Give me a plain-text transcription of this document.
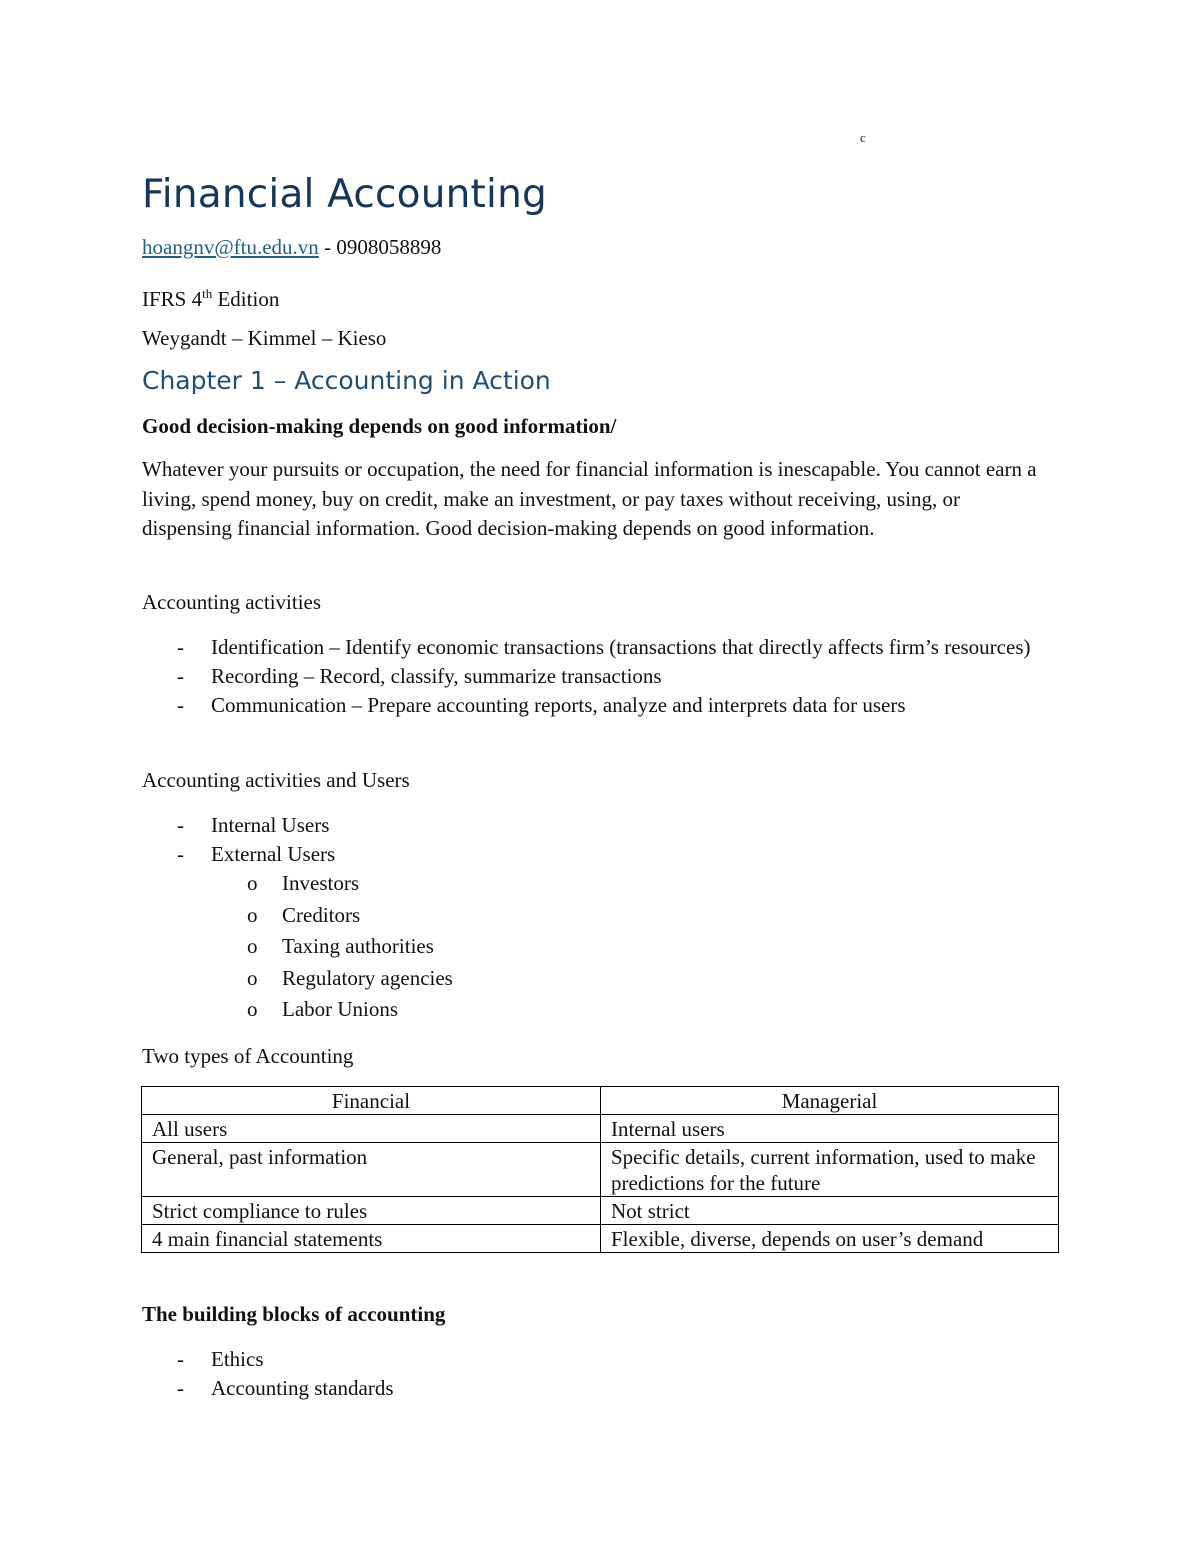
c
Financial Accounting
hoangnv@ftu.edu.vn - 0908058898
IFRS 4th Edition
Weygandt – Kimmel – Kieso
Chapter 1 – Accounting in Action
Good decision-making depends on good information/

Whatever your pursuits or occupation, the need for financial information is inescapable. You cannot earn a living, spend money, buy on credit, make an investment, or pay taxes without receiving, using, or dispensing financial information. Good decision-making depends on good information.

Accounting activities
- Identification – Identify economic transactions (transactions that directly affects firm’s resources)
- Recording – Record, classify, summarize transactions
- Communication – Prepare accounting reports, analyze and interprets data for users
Accounting activities and Users
- Internal Users
- External Users
o Investors
o Creditors
o Taxing authorities
o Regulatory agencies
o Labor Unions
Two types of Accounting
Financial	Managerial
All users	Internal users
General, past information	Specific details, current information, used to make predictions for the future
Strict compliance to rules	Not strict
4 main financial statements	Flexible, diverse, depends on user’s demand
The building blocks of accounting
- Ethics
- Accounting standards
